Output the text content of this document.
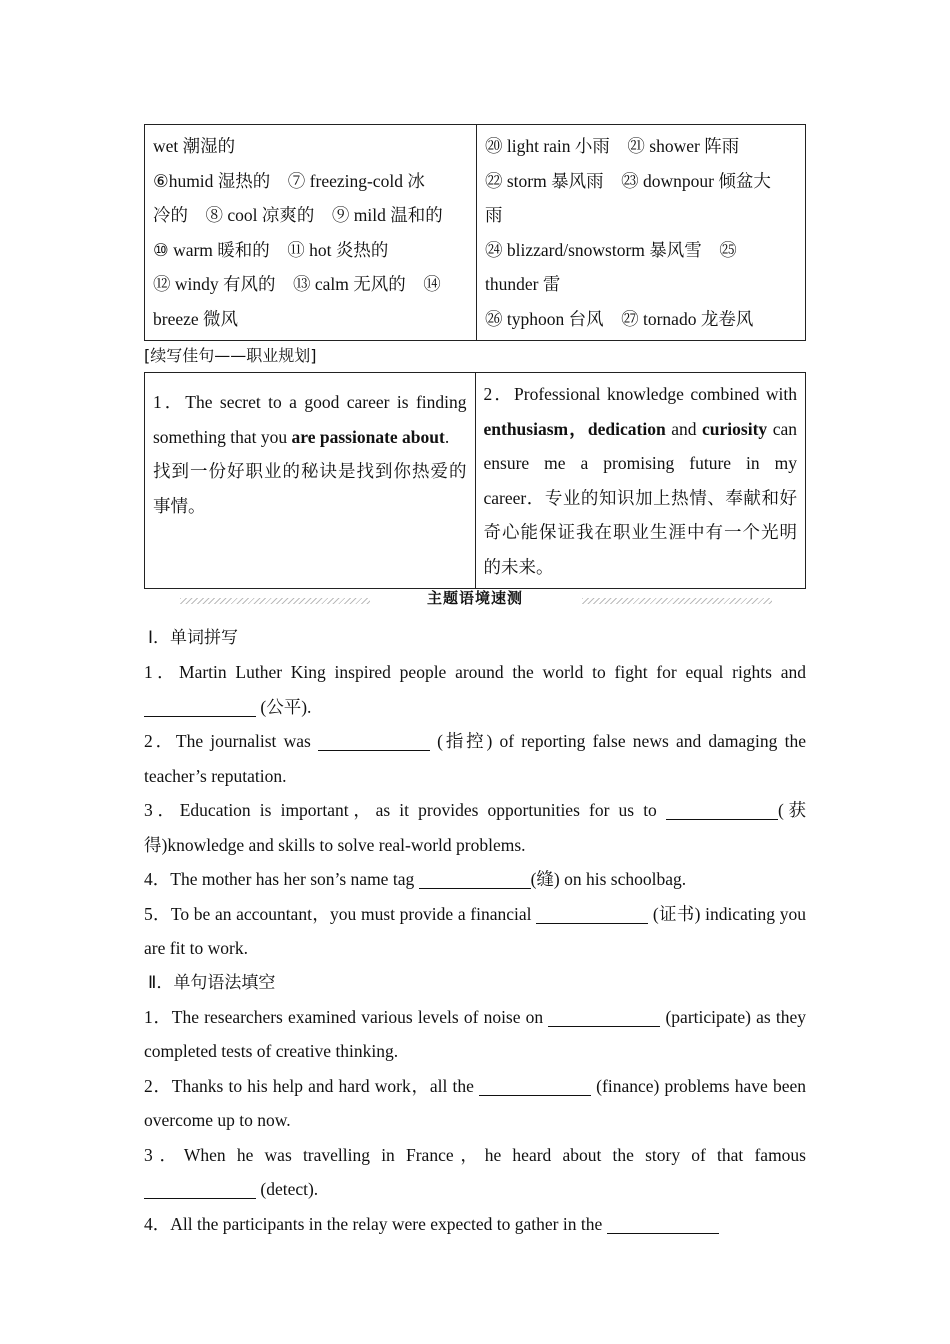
wet 潮湿的
⑥humid 湿热的　⑦ freezing-cold 冰
冷的　⑧ cool 凉爽的　⑨ mild 温和的
⑩ warm 暖和的　⑪ hot 炎热的
⑫ windy 有风的　⑬ calm 无风的　⑭
breeze 微风

⑳ light rain 小雨　㉑ shower 阵雨
㉒ storm 暴风雨　㉓ downpour 倾盆大
雨
㉔ blizzard/snowstorm 暴风雪　㉕
thunder 雷
㉖ typhoon 台风　㉗ tornado 龙卷风
[续写佳句——职业规划]
1．The secret to a good career is finding something that you are passionate about.
找到一份好职业的秘诀是找到你热爱的事情。
	2．Professional knowledge combined with enthusiasm，dedication and curiosity can ensure me a promising future in my career．专业的知识加上热情、奉献和好奇心能保证我在职业生涯中有一个光明的未来。
主题语境速测
Ⅰ．单词拼写
1．Martin Luther King inspired people around the world to fight for equal rights and  (公平).
2．The journalist was	(指控) of reporting false news and damaging the teacher’s reputation.
3．Education is important，as it provides opportunities for us to	(获得)knowledge and skills to solve real-world problems.
4．The mother has her son’s name tag	(缝) on his schoolbag.
5．To be an accountant，you must provide a financial	(证书) indicating you are fit to work.
Ⅱ．单句语法填空
1．The researchers examined various levels of noise on	(participate) as they completed tests of creative thinking.
2．Thanks to his help and hard work，all the	(finance) problems have been overcome up to now.
3．When he was travelling in France，he heard about the story of that famous  (detect).
4．All the participants in the relay were expected to gather in the
